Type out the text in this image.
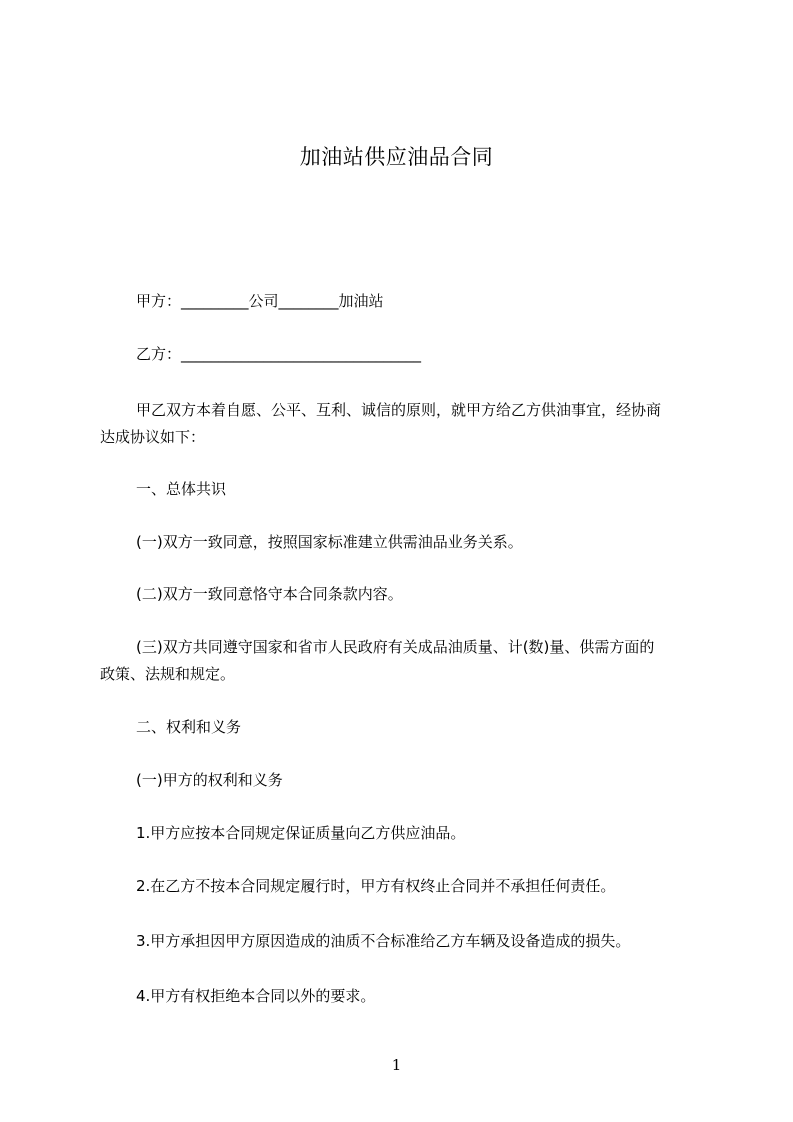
加油站供应油品合同
甲方：_________公司________加油站
乙方：________________________________
甲乙双方本着自愿、公平、互利、诚信的原则，就甲方给乙方供油事宜，经协商
达成协议如下：
一、总体共识
(一)双方一致同意，按照国家标准建立供需油品业务关系。
(二)双方一致同意恪守本合同条款内容。
(三)双方共同遵守国家和省市人民政府有关成品油质量、计(数)量、供需方面的
政策、法规和规定。
二、权利和义务
(一)甲方的权利和义务
1.甲方应按本合同规定保证质量向乙方供应油品。
2.在乙方不按本合同规定履行时，甲方有权终止合同并不承担任何责任。
3.甲方承担因甲方原因造成的油质不合标准给乙方车辆及设备造成的损失。
4.甲方有权拒绝本合同以外的要求。
1
